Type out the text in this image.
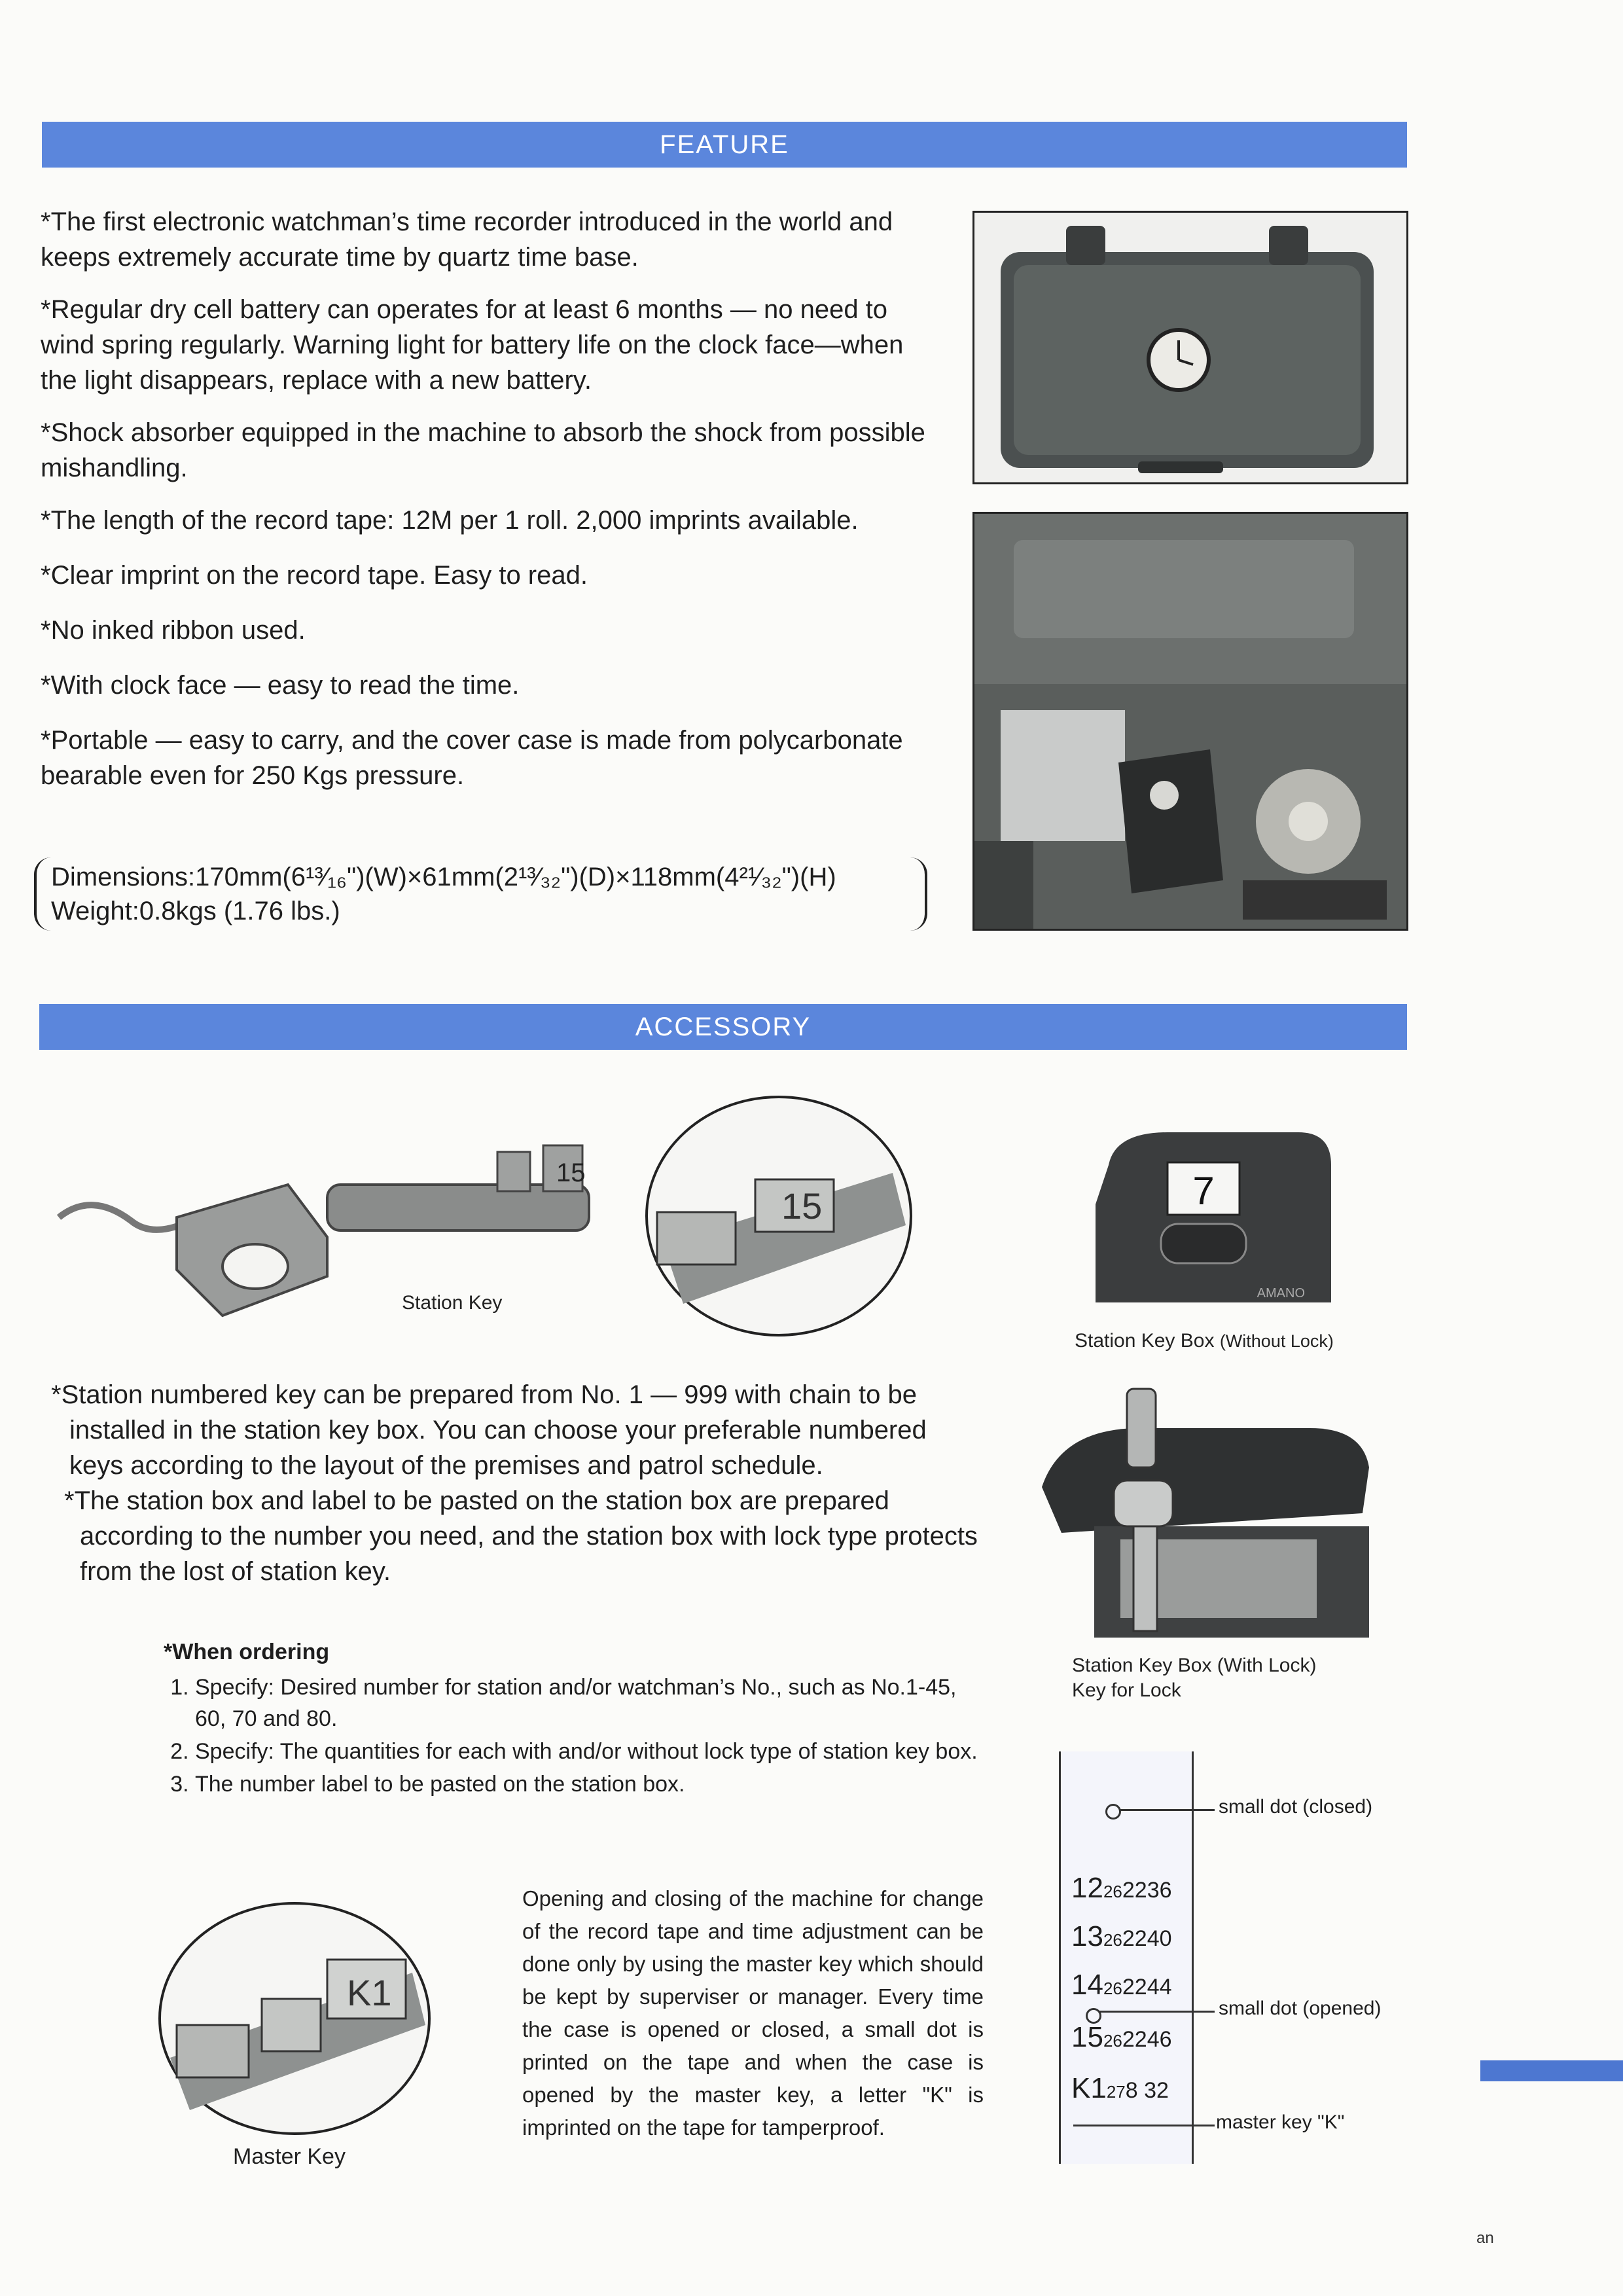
FEATURE

*The first electronic watchman’s time recorder introduced in the world and keeps extremely accurate time by quartz time base.

*Regular dry cell battery can operates for at least 6 months — no need to wind spring regularly. Warning light for battery life on the clock face—when the light disappears, replace with a new battery.

*Shock absorber equipped in the machine to absorb the shock from possible mishandling.

*The length of the record tape: 12M per 1 roll. 2,000 imprints available.

*Clear imprint on the record tape. Easy to read.

*No inked ribbon used.

*With clock face — easy to read the time.

*Portable — easy to carry, and the cover case is made from polycarbonate bearable even for 250 Kgs pressure.

Dimensions:170mm(6¹³⁄₁₆")(W)×61mm(2¹³⁄₃₂")(D)×118mm(4²¹⁄₃₂")(H)
Weight:0.8kgs (1.76 lbs.)
ACCESSORY
15
Station Key
15	7
AMANO
Station Key Box (Without Lock)
Station Key Box (With Lock)
Key for Lock

*Station numbered key can be prepared from No. 1 — 999 with chain to be installed in the station key box. You can choose your preferable numbered keys according to the layout of the premises and patrol schedule.

*The station box and label to be pasted on the station box are prepared according to the number you need, and the station box with lock type protects from the lost of station key.

*When ordering
1. Specify: Desired number for station and/or watchman’s No., such as No.1-45, 60, 70 and 80.
2. Specify: The quantities for each with and/or without lock type of station key box.
3. The number label to be pasted on the station box.
K1
Master Key
Opening and closing of the machine for change of the record tape and time adjustment can be done only by using the master key which should be kept by superviser or manager. Every time the case is opened or closed, a small dot is printed on the tape and when the case is opened by the master key, a letter "K" is imprinted on the tape for tamperproof.
12262236
13262240
14262244
15262246
K1278 32
small dot (closed)
small dot (opened)
master key "K"
an
